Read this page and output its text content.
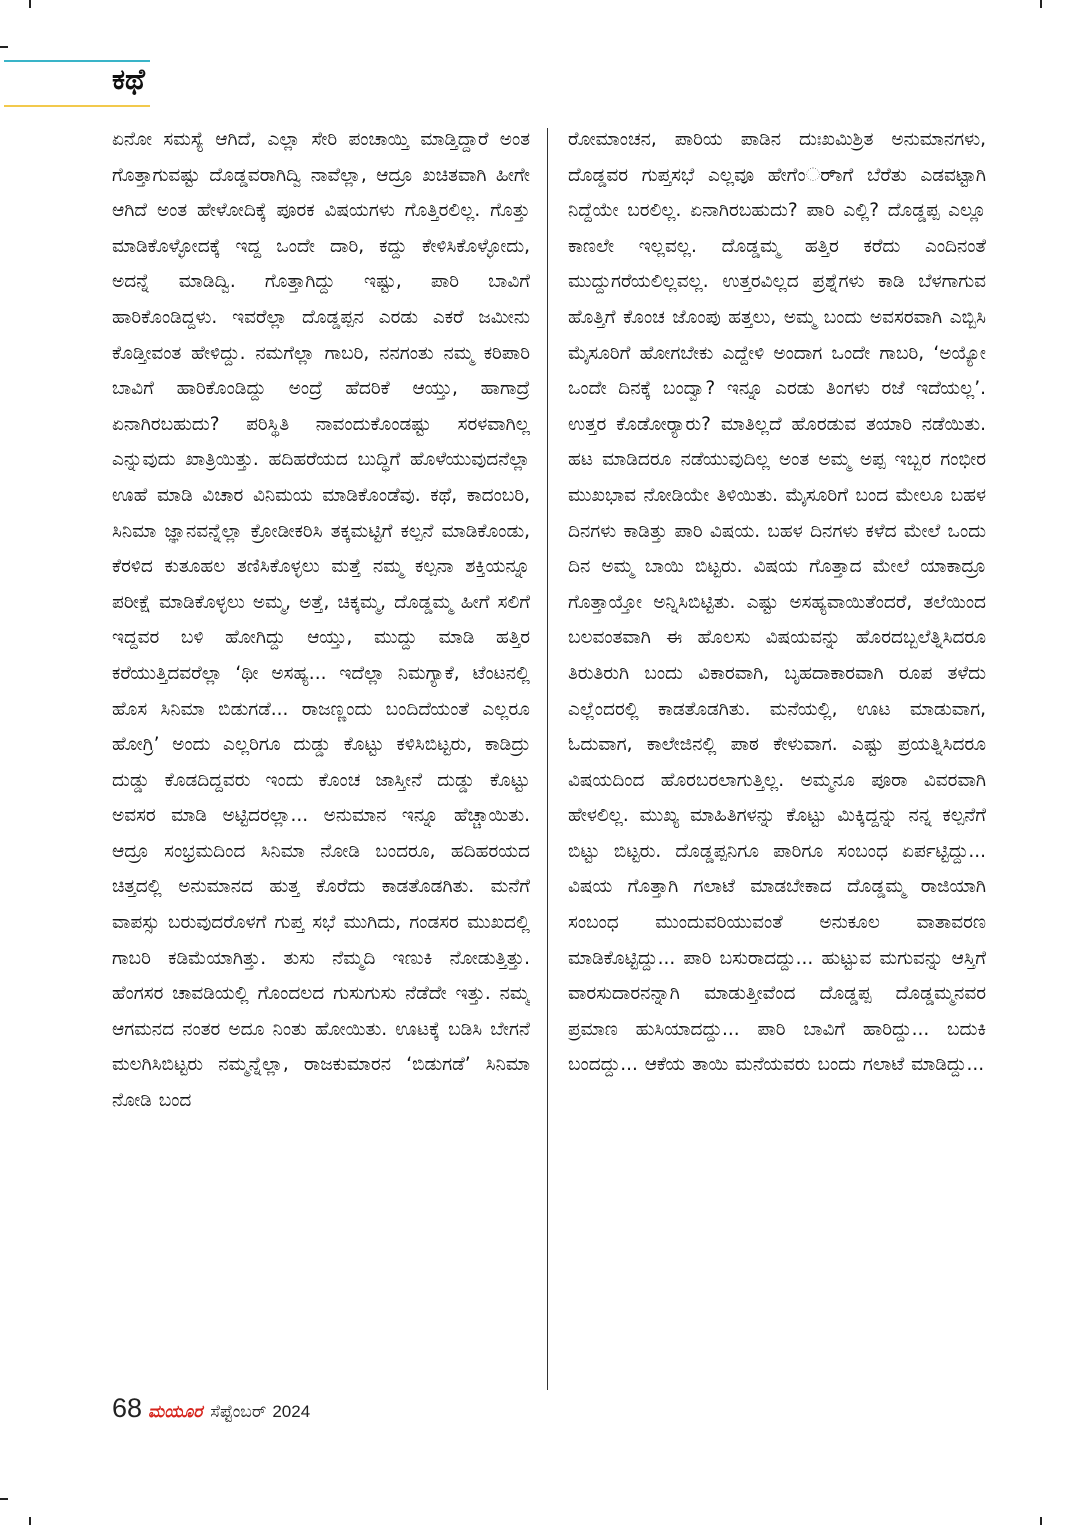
ಕಥೆ
ಏನೋ ಸಮಸ್ಯೆ ಆಗಿದೆ, ಎಲ್ಲಾ ಸೇರಿ ಪಂಚಾಯ್ತಿ ಮಾಡ್ತಿದ್ದಾರೆ ಅಂತ ಗೊತ್ತಾಗುವಷ್ಟು ದೊಡ್ಡವರಾಗಿದ್ವಿ ನಾವೆಲ್ಲಾ, ಆದ್ರೂ ಖಚಿತವಾಗಿ ಹೀಗೇ ಆಗಿದೆ ಅಂತ ಹೇಳೋದಿಕ್ಕೆ ಪೂರಕ ವಿಷಯಗಳು ಗೊತ್ತಿರಲಿಲ್ಲ. ಗೊತ್ತು ಮಾಡಿಕೊಳ್ಳೋದಕ್ಕೆ ಇದ್ದ ಒಂದೇ ದಾರಿ, ಕದ್ದು ಕೇಳಿಸಿಕೊಳ್ಳೋದು, ಅದನ್ನೆ ಮಾಡಿದ್ವಿ. ಗೊತ್ತಾಗಿದ್ದು ಇಷ್ಟು, ಪಾರಿ ಬಾವಿಗೆ ಹಾರಿಕೊಂಡಿದ್ದಳು. ಇವರೆಲ್ಲಾ ದೊಡ್ಡಪ್ಪನ ಎರಡು ಎಕರೆ ಜಮೀನು ಕೊಡ್ತೀವಂತ ಹೇಳಿದ್ದು. ನಮಗೆಲ್ಲಾ ಗಾಬರಿ, ನನಗಂತು ನಮ್ಮ ಕರಿಪಾರಿ ಬಾವಿಗೆ ಹಾರಿಕೊಂಡಿದ್ದು ಅಂದ್ರೆ ಹೆದರಿಕೆ ಆಯ್ತು, ಹಾಗಾದ್ರೆ ಏನಾಗಿರಬಹುದು? ಪರಿಸ್ಥಿತಿ ನಾವಂದುಕೊಂಡಷ್ಟು ಸರಳವಾಗಿಲ್ಲ ಎನ್ನುವುದು ಖಾತ್ರಿಯಿತ್ತು. ಹದಿಹರೆಯದ ಬುದ್ಧಿಗೆ ಹೊಳೆಯುವುದನೆಲ್ಲಾ ಊಹೆ ಮಾಡಿ ವಿಚಾರ ವಿನಿಮಯ ಮಾಡಿಕೊಂಡೆವು. ಕಥೆ, ಕಾದಂಬರಿ, ಸಿನಿಮಾ ಜ್ಞಾನವನ್ನೆಲ್ಲಾ ಕ್ರೋಡೀಕರಿಸಿ ತಕ್ಕಮಟ್ಟಿಗೆ ಕಲ್ಪನೆ ಮಾಡಿಕೊಂಡು, ಕೆರಳಿದ ಕುತೂಹಲ ತಣಿಸಿಕೊಳ್ಳಲು ಮತ್ತೆ ನಮ್ಮ ಕಲ್ಪನಾ ಶಕ್ತಿಯನ್ನೂ ಪರೀಕ್ಷೆ ಮಾಡಿಕೊಳ್ಳಲು ಅಮ್ಮ, ಅತ್ತೆ, ಚಿಕ್ಕಮ್ಮ, ದೊಡ್ಡಮ್ಮ ಹೀಗೆ ಸಲಿಗೆ ಇದ್ದವರ ಬಳಿ ಹೋಗಿದ್ದು ಆಯ್ತು, ಮುದ್ದು ಮಾಡಿ ಹತ್ತಿರ ಕರೆಯುತ್ತಿದವರೆಲ್ಲಾ ‘ಥೀ ಅಸಹ್ಯ... ಇದೆಲ್ಲಾ ನಿಮಗ್ಯಾಕೆ, ಟೆಂಟನಲ್ಲಿ ಹೊಸ ಸಿನಿಮಾ ಬಿಡುಗಡೆ... ರಾಜಣ್ಣಂದು ಬಂದಿದೆಯಂತೆ ಎಲ್ಲರೂ ಹೋಗ್ರಿ’ ಅಂದು ಎಲ್ಲರಿಗೂ ದುಡ್ಡು ಕೊಟ್ಟು ಕಳಿಸಿಬಿಟ್ಟರು, ಕಾಡಿದ್ರು ದುಡ್ಡು ಕೊಡದಿದ್ದವರು ಇಂದು ಕೊಂಚ ಜಾಸ್ತೀನೆ ದುಡ್ಡು ಕೊಟ್ಟು ಅವಸರ ಮಾಡಿ ಅಟ್ಟಿದರಲ್ಲಾ... ಅನುಮಾನ ಇನ್ನೂ ಹೆಚ್ಚಾಯಿತು. ಆದ್ರೂ ಸಂಭ್ರಮದಿಂದ ಸಿನಿಮಾ ನೋಡಿ ಬಂದರೂ, ಹದಿಹರಯದ ಚಿತ್ತದಲ್ಲಿ ಅನುಮಾನದ ಹುತ್ತ ಕೊರೆದು ಕಾಡತೊಡಗಿತು. ಮನೆಗೆ ವಾಪಸ್ಸು ಬರುವುದರೊಳಗೆ ಗುಪ್ತ ಸಭೆ ಮುಗಿದು, ಗಂಡಸರ ಮುಖದಲ್ಲಿ ಗಾಬರಿ ಕಡಿಮೆಯಾಗಿತ್ತು. ತುಸು ನೆಮ್ಮದಿ ಇಣುಕಿ ನೋಡುತ್ತಿತ್ತು. ಹೆಂಗಸರ ಚಾವಡಿಯಲ್ಲಿ ಗೊಂದಲದ ಗುಸುಗುಸು ನೆಡೆದೇ ಇತ್ತು. ನಮ್ಮ ಆಗಮನದ ನಂತರ ಅದೂ ನಿಂತು ಹೋಯಿತು. ಊಟಕ್ಕೆ ಬಡಿಸಿ ಬೇಗನೆ ಮಲಗಿಸಿಬಿಟ್ಟರು ನಮ್ಮನ್ನೆಲ್ಲಾ, ರಾಜಕುಮಾರನ ‘ಬಿಡುಗಡೆ’ ಸಿನಿಮಾ ನೋಡಿ ಬಂದ
ರೋಮಾಂಚನ, ಪಾರಿಯ ಪಾಡಿನ ದುಃಖಮಿಶ್ರಿತ ಅನುಮಾನಗಳು, ದೊಡ್ಡವರ ಗುಪ್ತಸಭೆ ಎಲ್ಲವೂ ಹೇಗೆಂರ್‍ಾಗೆ ಬೆರೆತು ಎಡವಟ್ಟಾಗಿ ನಿದ್ದೆಯೇ ಬರಲಿಲ್ಲ. ಏನಾಗಿರಬಹುದು? ಪಾರಿ ಎಲ್ಲಿ? ದೊಡ್ಡಪ್ಪ ಎಲ್ಲೂ ಕಾಣಲೇ ಇಲ್ಲವಲ್ಲ. ದೊಡ್ಡಮ್ಮ ಹತ್ತಿರ ಕರೆದು ಎಂದಿನಂತೆ ಮುದ್ದುಗರೆಯಲಿಲ್ಲವಲ್ಲ. ಉತ್ತರವಿಲ್ಲದ ಪ್ರಶ್ನೆಗಳು ಕಾಡಿ ಬೆಳಗಾಗುವ ಹೊತ್ತಿಗೆ ಕೊಂಚ ಜೊಂಪು ಹತ್ತಲು, ಅಮ್ಮ ಬಂದು ಅವಸರವಾಗಿ ಎಬ್ಬಿಸಿ ಮೈಸೂರಿಗೆ ಹೋಗಬೇಕು ಎದ್ದೇಳಿ ಅಂದಾಗ ಒಂದೇ ಗಾಬರಿ, ‘ಅಯ್ಯೋ ಒಂದೇ ದಿನಕ್ಕೆ ಬಂದ್ವಾ? ಇನ್ನೂ ಎರಡು ತಿಂಗಳು ರಜೆ ಇದೆಯಲ್ಲ’. ಉತ್ತರ ಕೊಡೋರ್‍ಯಾರು? ಮಾತಿಲ್ಲದೆ ಹೊರಡುವ ತಯಾರಿ ನಡೆಯಿತು. ಹಟ ಮಾಡಿದರೂ ನಡೆಯುವುದಿಲ್ಲ ಅಂತ ಅಮ್ಮ ಅಪ್ಪ ಇಬ್ಬರ ಗಂಭೀರ ಮುಖಭಾವ ನೋಡಿಯೇ ತಿಳಿಯಿತು. ಮೈಸೂರಿಗೆ ಬಂದ ಮೇಲೂ ಬಹಳ ದಿನಗಳು ಕಾಡಿತ್ತು ಪಾರಿ ವಿಷಯ. ಬಹಳ ದಿನಗಳು ಕಳೆದ ಮೇಲೆ ಒಂದು ದಿನ ಅಮ್ಮ ಬಾಯಿ ಬಿಟ್ಟರು. ವಿಷಯ ಗೊತ್ತಾದ ಮೇಲೆ ಯಾಕಾದ್ರೂ ಗೊತ್ತಾಯ್ತೋ ಅನ್ನಿಸಿಬಿಟ್ಟಿತು. ಎಷ್ಟು ಅಸಹ್ಯವಾಯಿತೆಂದರೆ, ತಲೆಯಿಂದ ಬಲವಂತವಾಗಿ ಈ ಹೊಲಸು ವಿಷಯವನ್ನು ಹೊರದಬ್ಬಲೆತ್ನಿಸಿದರೂ ತಿರುತಿರುಗಿ ಬಂದು ವಿಕಾರವಾಗಿ, ಬೃಹದಾಕಾರವಾಗಿ ರೂಪ ತಳೆದು ಎಲ್ಲೆಂದರಲ್ಲಿ ಕಾಡತೊಡಗಿತು. ಮನೆಯಲ್ಲಿ, ಊಟ ಮಾಡುವಾಗ, ಓದುವಾಗ, ಕಾಲೇಜಿನಲ್ಲಿ ಪಾಠ ಕೇಳುವಾಗ. ಎಷ್ಟು ಪ್ರಯತ್ನಿಸಿದರೂ ವಿಷಯದಿಂದ ಹೊರಬರಲಾಗುತ್ತಿಲ್ಲ. ಅಮ್ಮನೂ ಪೂರಾ ವಿವರವಾಗಿ ಹೇಳಲಿಲ್ಲ. ಮುಖ್ಯ ಮಾಹಿತಿಗಳನ್ನು ಕೊಟ್ಟು ಮಿಕ್ಕಿದ್ದನ್ನು ನನ್ನ ಕಲ್ಪನೆಗೆ ಬಿಟ್ಟು ಬಿಟ್ಟರು. ದೊಡ್ಡಪ್ಪನಿಗೂ ಪಾರಿಗೂ ಸಂಬಂಧ ಏರ್ಪಟ್ಟಿದ್ದು... ವಿಷಯ ಗೊತ್ತಾಗಿ ಗಲಾಟೆ ಮಾಡಬೇಕಾದ ದೊಡ್ಡಮ್ಮ ರಾಜಿಯಾಗಿ ಸಂಬಂಧ ಮುಂದುವರಿಯುವಂತೆ ಅನುಕೂಲ ವಾತಾವರಣ ಮಾಡಿಕೊಟ್ಟಿದ್ದು... ಪಾರಿ ಬಸುರಾದದ್ದು... ಹುಟ್ಟುವ ಮಗುವನ್ನು ಆಸ್ತಿಗೆ ವಾರಸುದಾರನನ್ನಾಗಿ ಮಾಡುತ್ತೀವೆಂದ ದೊಡ್ಡಪ್ಪ ದೊಡ್ಡಮ್ಮನವರ ಪ್ರಮಾಣ ಹುಸಿಯಾದದ್ದು... ಪಾರಿ ಬಾವಿಗೆ ಹಾರಿದ್ದು... ಬದುಕಿ ಬಂದದ್ದು... ಆಕೆಯ ತಾಯಿ ಮನೆಯವರು ಬಂದು ಗಲಾಟೆ ಮಾಡಿದ್ದು...
68 ಮಯೂರ ಸೆಪ್ಟೆಂಬರ್ 2024
